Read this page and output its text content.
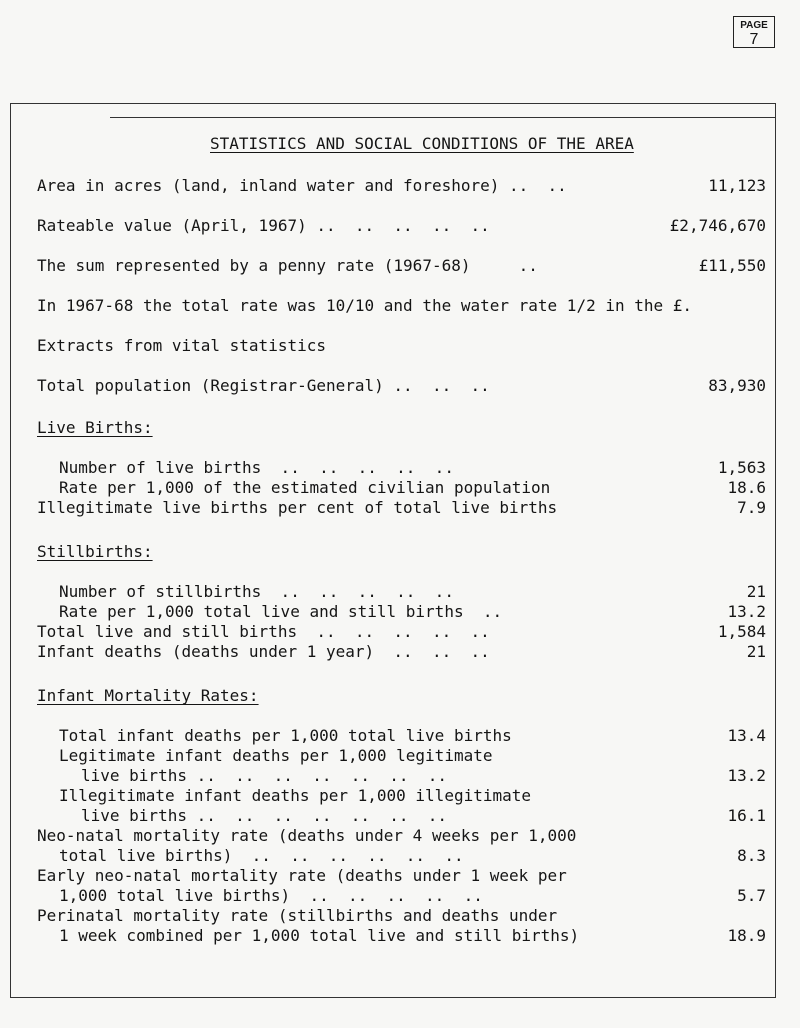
PAGE
7
STATISTICS AND SOCIAL CONDITIONS OF THE AREA
Area in acres (land, inland water and foreshore) ..  ..	11,123
Rateable value (April, 1967) ..  ..  ..  ..  ..	£2,746,670
The sum represented by a penny rate (1967-68)     ..	£11,550
In 1967-68 the total rate was 10/10 and the water rate 1/2 in the £.
Extracts from vital statistics
Total population (Registrar-General) ..  ..  ..	83,930
Live Births:
Number of live births  ..  ..  ..  ..  ..	1,563
Rate per 1,000 of the estimated civilian population	18.6
Illegitimate live births per cent of total live births	7.9
Stillbirths:
Number of stillbirths  ..  ..  ..  ..  ..	21
Rate per 1,000 total live and still births  ..	13.2
Total live and still births  ..  ..  ..  ..  ..	1,584
Infant deaths (deaths under 1 year)  ..  ..  ..	21
Infant Mortality Rates:
Total infant deaths per 1,000 total live births	13.4
Legitimate infant deaths per 1,000 legitimate
live births ..  ..  ..  ..  ..  ..  ..	13.2
Illegitimate infant deaths per 1,000 illegitimate
live births ..  ..  ..  ..  ..  ..  ..	16.1
Neo-natal mortality rate (deaths under 4 weeks per 1,000
total live births)  ..  ..  ..  ..  ..  ..	8.3
Early neo-natal mortality rate (deaths under 1 week per
1,000 total live births)  ..  ..  ..  ..  ..	5.7
Perinatal mortality rate (stillbirths and deaths under
1 week combined per 1,000 total live and still births)	18.9
